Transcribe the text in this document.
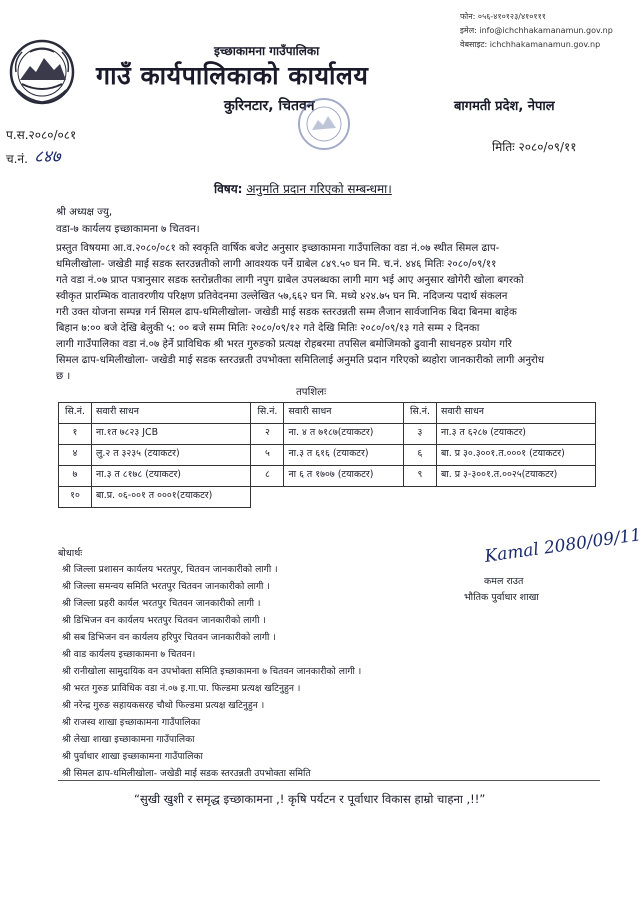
फोन: ०५६-४१०१२३/४१०१११
इमेल: info@ichchhakamanamun.gov.np
वेबसाइट: ichchhakamanamun.gov.np
इच्छाकामना गाउँपालिका
गाउँ कार्यपालिकाको कार्यालय
कुरिनटार, चितवन	बागमती प्रदेश, नेपाल
प.स.२०८०/०८१
च.नं. ८४७	मितिः २०८०/०९/११
विषय: अनुमति प्रदान गरिएको सम्बन्धमा।
श्री अध्यक्ष ज्यु,
वडा-७ कार्यलय इच्छाकामना ७ चितवन।
प्रस्तुत विषयमा आ.व.२०८०/०८१ को स्वकृति वार्षिक बजेट अनुसार इच्छाकामना गाउँपालिका वडा नं.०७ स्थीत सिमल ढाप-
धमिलीखोला- जखेडी माई सडक स्तरउन्नतीको लागी आवश्यक पर्ने ग्राबेल ८४९.५० घन मि. च.नं. ४४६ मितिः २०८०/०९/११
गते वडा नं.०७ प्राप्त पत्रानुसार सडक स्तरोन्नतीका लागी नपुग ग्राबेल उपलब्धका लागी माग भई आए अनुसार खोगेरी खोला बगरको
स्वीकृत प्रारम्भिक वातावरणीय परिक्षण प्रतिवेदनमा उल्लेखित ५७,६६२ घन मि. मध्ये ४२४.७५ घन मि. नदिजन्य पदार्थ संकलन
गरी उक्त योजना सम्पन्न गर्न सिमल ढाप-धमिलीखोला- जखेडी माई सडक स्तरउन्नती सम्म लैजान सार्वजानिक बिदा बिनमा बाहेक
बिहान ७:०० बजे देखि बेलुकी ५: ०० बजे सम्म मितिः २०८०/०९/१२ गते देखि मितिः २०८०/०९/१३ गते सम्म २ दिनका
लागी गाउँपालिका वडा नं.०७ हेर्ने प्राविधिक श्री भरत गुरुङको प्रत्यक्ष रोहबरमा तपसिल बमोजिमको ढुवानी साधनहरु प्रयोग गरि
सिमल ढाप-धमिलीखोला- जखेडी माई सडक स्तरउन्नती उपभोक्ता समितिलाई अनुमति प्रदान गरिएको ब्यहोरा जानकारीको लागी अनुरोध
छ ।
तपशिलः
सि.नं.	सवारी साधन	सि.नं.	सवारी साधन	सि.नं.	सवारी साधन
१	ना.१त ७८२३ JCB	२	ना. ४ त ७१८७(टयाकटर)	३	ना.३ त ६२८७ (टयाकटर)
४	लु.२ त ३२३५ (टयाकटर)	५	ना.३ त ६१६ (टयाकटर)	६	बा. प्र ३०.३००१.त.०००१ (टयाकटर)
७	ना.३ त ८१७८ (टयाकटर)	८	ना ६ त १७०७ (टयाकटर)	९	बा. प्र ३-३००१.त.००२५(टयाकटर)
१०	बा.प्र. ०६-००१ त ०००१(टयाकटर)				
Kamal 2080/09/11
कमल राउत
भौतिक पुर्वाधार शाखा
बोधार्थः
श्री जिल्ला प्रशासन कार्यलय भरतपुर, चितवन जानकारीको लागी ।
श्री जिल्ला समन्वय समिति भरतपुर चितवन जानकारीको लागी ।
श्री जिल्ला प्रहरी कार्यल भरतपुर चितवन जानकारीको लागी ।
श्री डिभिजन वन कार्यलय भरतपुर चितवन जानकारीको लागी ।
श्री सब डिभिजन वन कार्यलय हरिपुर चितवन जानकारीको लागी ।
श्री वाड कार्यलय इच्छाकामना ७ चितवन।
श्री रानीखोला सामुदायिक वन उपभोक्ता समिति इच्छाकामना ७ चितवन जानकारीको लागी ।
श्री भरत गुरुङ प्राविधिक वडा नं.०७ इ.गा.पा. फिल्डमा प्रत्यक्ष खटिनुहुन ।
श्री नरेन्द्र गुरुङ सहायकसरह चौथो फिल्डमा प्रत्यक्ष खटिनुहुन ।
श्री राजस्व शाखा इच्छाकामना गाउँपालिका
श्री लेखा शाखा इच्छाकामना गाउँपालिका
श्री पुर्वाधार शाखा इच्छाकामना गाउँपालिका
श्री सिमल ढाप-धमिलीखोला- जखेडी माई सडक स्तरउन्नती उपभोक्ता समिति
“सुखी खुशी र समृद्ध इच्छाकामना ,! कृषि पर्यटन र पूर्वाधार विकास हाम्रो चाहना ,!!”
